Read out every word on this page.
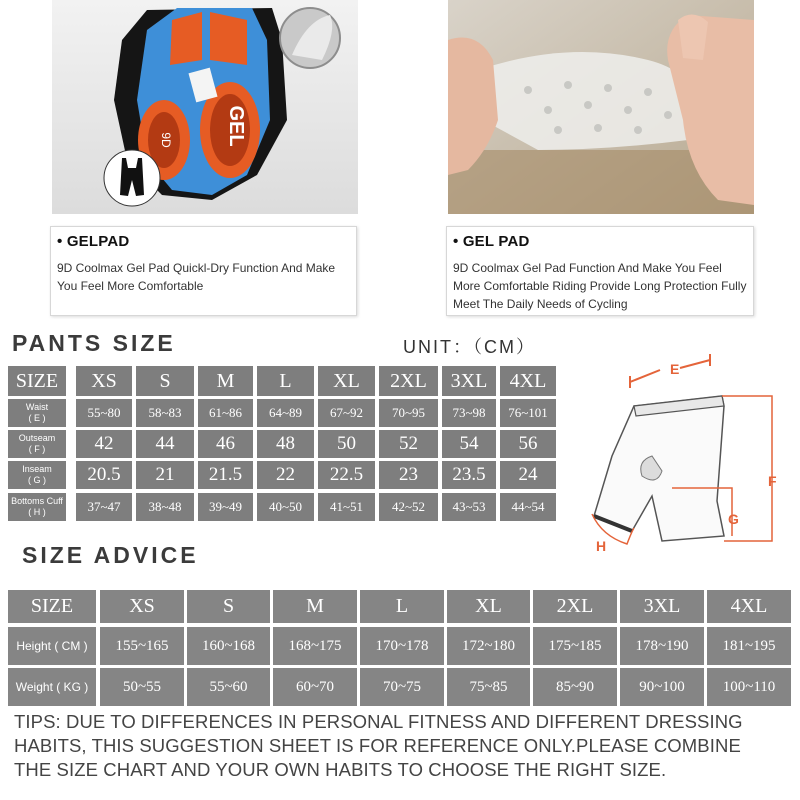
GEL
9D
• GELPAD
9D Coolmax Gel Pad Quickl-Dry Function And Make
You Feel More Comfortable
• GEL PAD
9D Coolmax Gel Pad Function And Make You Feel
More Comfortable Riding Provide Long Protection Fully
Meet The Daily Needs of Cycling
PANTS SIZE	UNIT：（CM）
SIZE	XS	S	M	L	XL	2XL	3XL	4XL
Waist
( E )	55~80	58~83	61~86	64~89	67~92	70~95	73~98	76~101
Outseam
( F )	42	44	46	48	50	52	54	56
Inseam
( G )	20.5	21	21.5	22	22.5	23	23.5	24
Bottoms Cuff
( H )	37~47	38~48	39~49	40~50	41~51	42~52	43~53	44~54
E
F
G
H
SIZE ADVICE
SIZE	XS	S	M	L	XL	2XL	3XL	4XL
Height ( CM )	155~165	160~168	168~175	170~178	172~180	175~185	178~190	181~195
Weight ( KG )	50~55	55~60	60~70	70~75	75~85	85~90	90~100	100~110
TIPS: DUE TO DIFFERENCES IN PERSONAL FITNESS AND DIFFERENT DRESSING
HABITS, THIS SUGGESTION SHEET IS FOR REFERENCE ONLY.PLEASE COMBINE
THE SIZE CHART AND YOUR OWN HABITS TO CHOOSE THE RIGHT SIZE.
